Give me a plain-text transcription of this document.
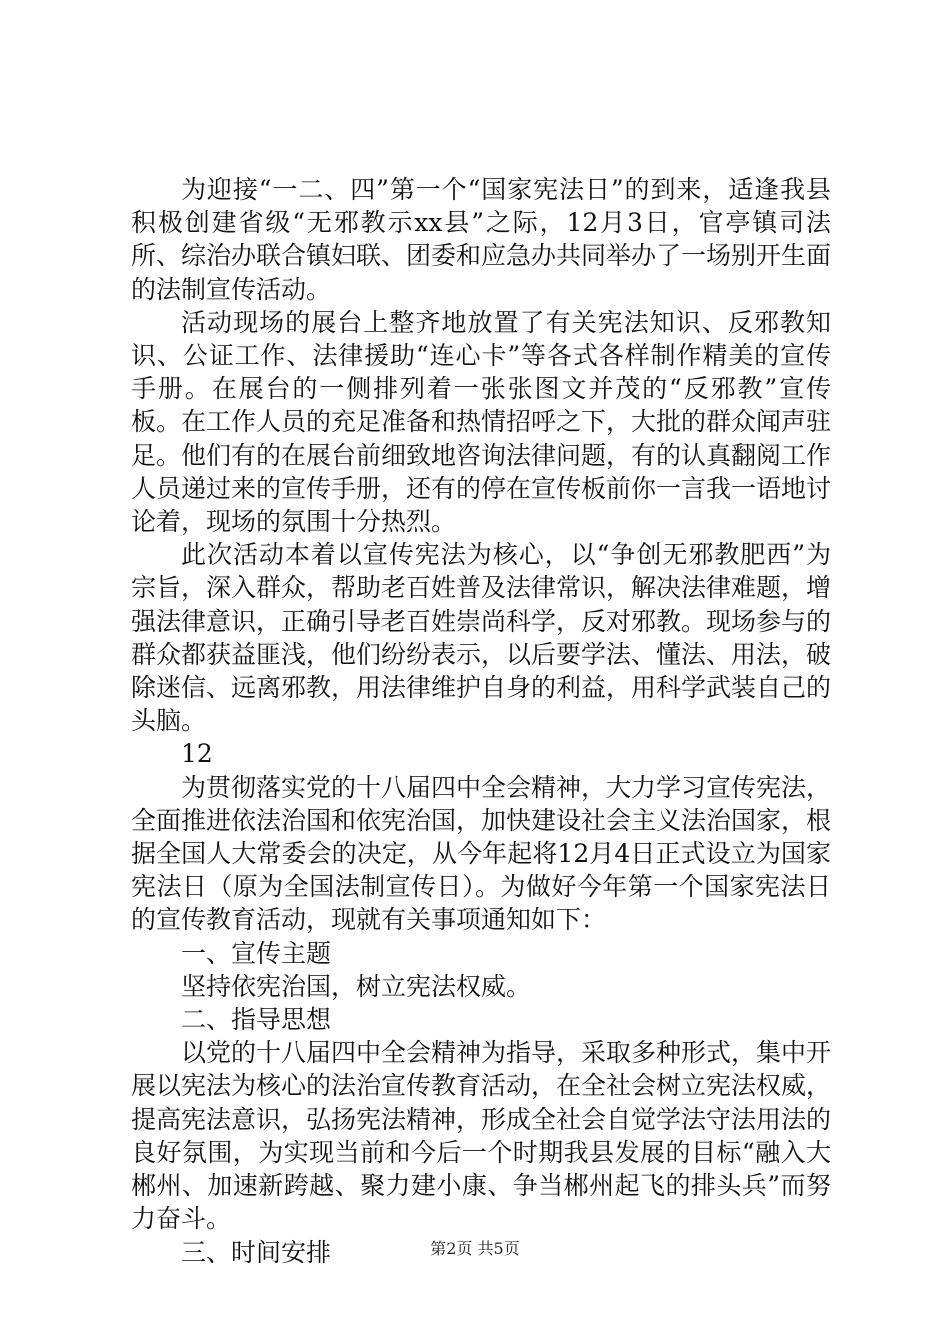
为迎接“一二、四”第一个“国家宪法日”的到来，适逢我县积极创建省级“无邪教示xx县”之际，12月3日，官亭镇司法所、综治办联合镇妇联、团委和应急办共同举办了一场别开生面的法制宣传活动。

活动现场的展台上整齐地放置了有关宪法知识、反邪教知识、公证工作、法律援助“连心卡”等各式各样制作精美的宣传手册。在展台的一侧排列着一张张图文并茂的“反邪教”宣传板。在工作人员的充足准备和热情招呼之下，大批的群众闻声驻足。他们有的在展台前细致地咨询法律问题，有的认真翻阅工作人员递过来的宣传手册，还有的停在宣传板前你一言我一语地讨论着，现场的氛围十分热烈。

此次活动本着以宣传宪法为核心，以“争创无邪教肥西”为宗旨，深入群众，帮助老百姓普及法律常识，解决法律难题，增强法律意识，正确引导老百姓崇尚科学，反对邪教。现场参与的群众都获益匪浅，他们纷纷表示，以后要学法、懂法、用法，破除迷信、远离邪教，用法律维护自身的利益，用科学武装自己的头脑。

12

为贯彻落实党的十八届四中全会精神，大力学习宣传宪法，全面推进依法治国和依宪治国，加快建设社会主义法治国家，根据全国人大常委会的决定，从今年起将12月4日正式设立为国家宪法日（原为全国法制宣传日）。为做好今年第一个国家宪法日的宣传教育活动，现就有关事项通知如下：

一、宣传主题

坚持依宪治国，树立宪法权威。

二、指导思想

以党的十八届四中全会精神为指导，采取多种形式，集中开展以宪法为核心的法治宣传教育活动，在全社会树立宪法权威，提高宪法意识，弘扬宪法精神，形成全社会自觉学法守法用法的良好氛围，为实现当前和今后一个时期我县发展的目标“融入大郴州、加速新跨越、聚力建小康、争当郴州起飞的排头兵”而努力奋斗。

三、时间安排	第2页 共5页
